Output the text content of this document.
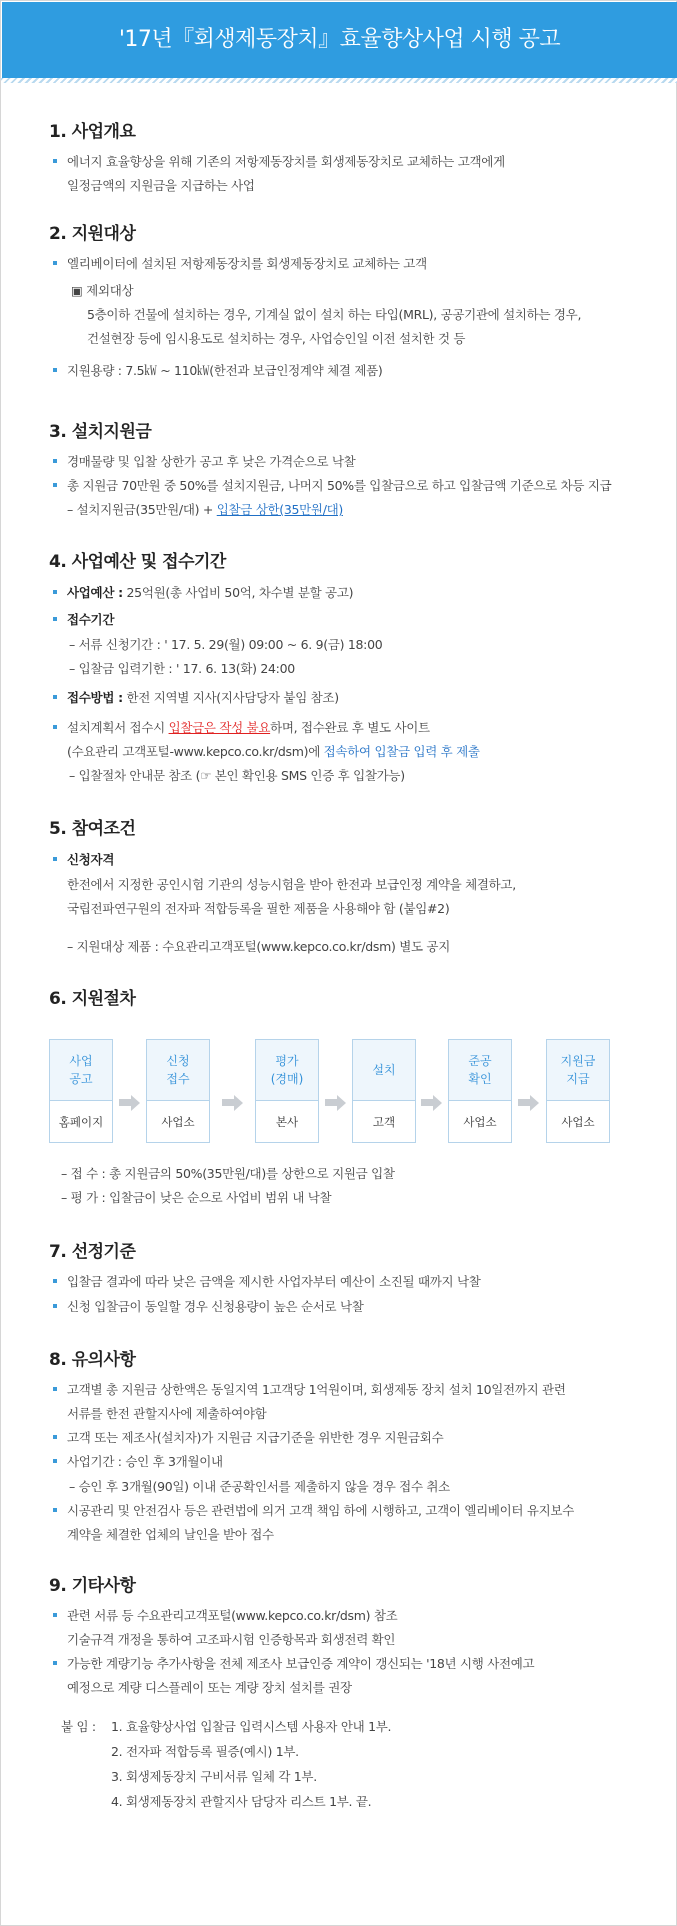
'17년『회생제동장치』효율향상사업 시행 공고
1. 사업개요
에너지 효율향상을 위해 기존의 저항제동장치를 회생제동장치로 교체하는 고객에게
일정금액의 지원금을 지급하는 사업
2. 지원대상
엘리베이터에 설치된 저항제동장치를 회생제동장치로 교체하는 고객
▣ 제외대상
5층이하 건물에 설치하는 경우, 기계실 없이 설치 하는 타입(MRL), 공공기관에 설치하는 경우,
건설현장 등에 임시용도로 설치하는 경우, 사업승인일 이전 설치한 것 등
지원용량 : 7.5㎾ ~ 110㎾(한전과 보급인정계약 체결 제품)
3. 설치지원금
경매물량 및 입찰 상한가 공고 후 낮은 가격순으로 낙찰
총 지원금 70만원 중 50%를 설치지원금, 나머지 50%를 입찰금으로 하고 입찰금액 기준으로 차등 지급
– 설치지원금(35만원/대) + 입찰금 상한(35만원/대)
4. 사업예산 및 접수기간
사업예산 : 25억원(총 사업비 50억, 차수별 분할 공고)
접수기간
– 서류 신청기간 : ' 17. 5. 29(월) 09:00 ~ 6. 9(금) 18:00
– 입찰금 입력기한 : ' 17. 6. 13(화) 24:00
접수방법 : 한전 지역별 지사(지사담당자 붙임 참조)
설치계획서 접수시 입찰금은 작성 불요하며, 접수완료 후 별도 사이트
(수요관리 고객포털-www.kepco.co.kr/dsm)에 접속하여 입찰금 입력 후 제출
– 입찰절차 안내문 참조 (☞ 본인 확인용 SMS 인증 후 입찰가능)
5. 참여조건
신청자격
한전에서 지정한 공인시험 기관의 성능시험을 받아 한전과 보급인정 계약을 체결하고,
국립전파연구원의 전자파 적합등록을 필한 제품을 사용해야 함 (붙임#2)
– 지원대상 제품 : 수요관리고객포털(www.kepco.co.kr/dsm) 별도 공지
6. 지원절차
사업
공고
홈페이지
신청
접수
사업소
평가
(경매)
본사
설치
고객
준공
확인
사업소
지원금
지급
사업소
– 접 수 : 총 지원금의 50%(35만원/대)를 상한으로 지원금 입찰
– 평 가 : 입찰금이 낮은 순으로 사업비 범위 내 낙찰
7. 선정기준
입찰금 결과에 따라 낮은 금액을 제시한 사업자부터 예산이 소진될 때까지 낙찰
신청 입찰금이 동일할 경우 신청용량이 높은 순서로 낙찰
8. 유의사항
고객별 총 지원금 상한액은 동일지역 1고객당 1억원이며, 회생제동 장치 설치 10일전까지 관련
서류를 한전 관할지사에 제출하여야함
고객 또는 제조사(설치자)가 지원금 지급기준을 위반한 경우 지원금회수
사업기간 : 승인 후 3개월이내
– 승인 후 3개월(90일) 이내 준공확인서를 제출하지 않을 경우 접수 취소
시공관리 및 안전검사 등은 관련법에 의거 고객 책임 하에 시행하고, 고객이 엘리베이터 유지보수
계약을 체결한 업체의 날인을 받아 접수
9. 기타사항
관련 서류 등 수요관리고객포털(www.kepco.co.kr/dsm) 참조
기술규격 개정을 통하여 고조파시험 인증항목과 회생전력 확인
가능한 계량기능 추가사항을 전체 제조사 보급인증 계약이 갱신되는 '18년 시행 사전예고
예정으로 계량 디스플레이 또는 계량 장치 설치를 권장
붙 임 : 1. 효율향상사업 입찰금 입력시스템 사용자 안내 1부.
2. 전자파 적합등록 필증(예시) 1부.
3. 회생제동장치 구비서류 일체 각 1부.
4. 회생제동장치 관할지사 담당자 리스트 1부. 끝.
